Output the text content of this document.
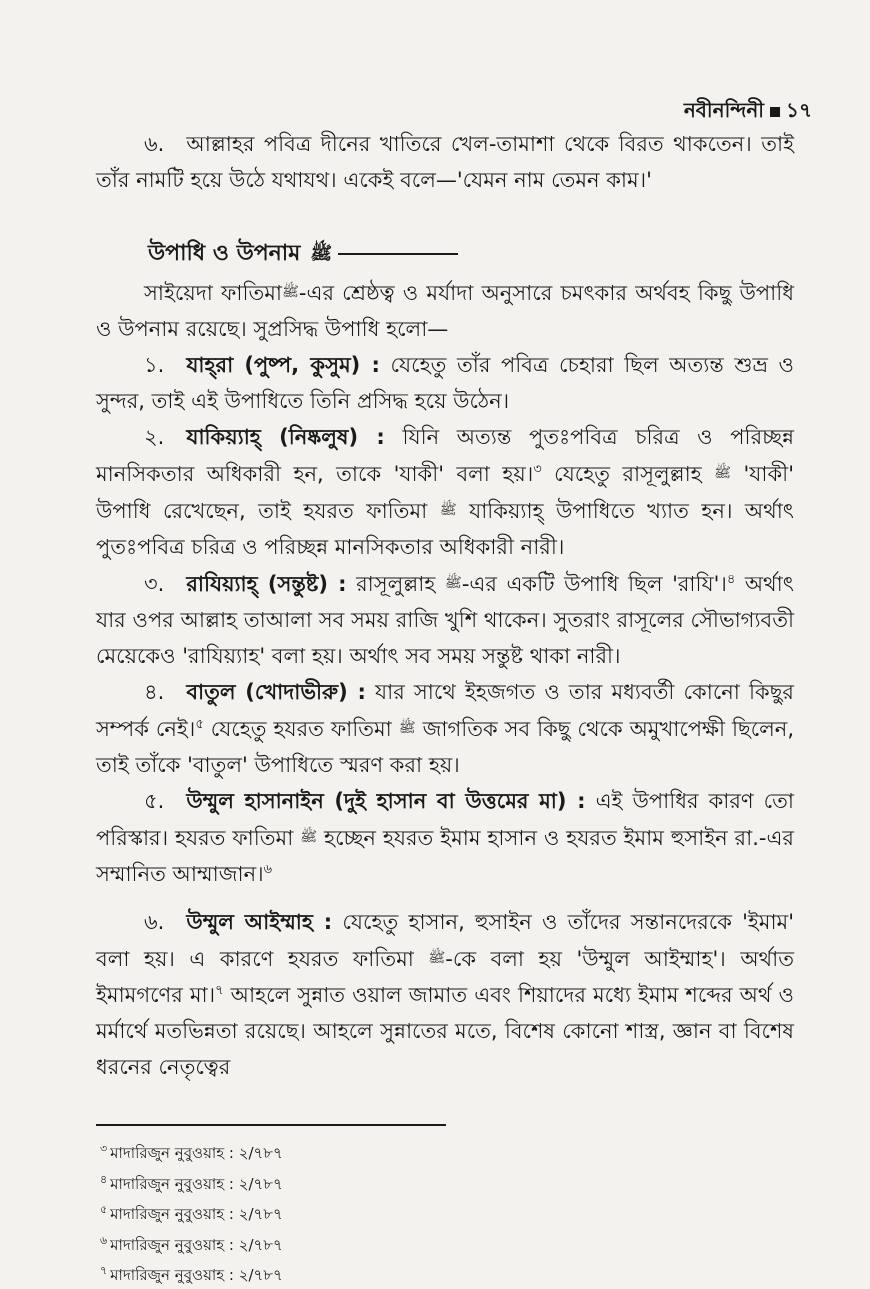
নবীনন্দিনী ১৭

৬. আল্লাহর পবিত্র দীনের খাতিরে খেল-তামাশা থেকে বিরত থাকতেন। তাই তাঁর নামটি হয়ে উঠে যথাযথ। একেই বলে—'যেমন নাম তেমন কাম।'

উপাধি ও উপনাম ﷺ

সাইয়েদা ফাতিমাﷺ-এর শ্রেষ্ঠত্ব ও মর্যাদা অনুসারে চমৎকার অর্থবহ কিছু উপাধি ও উপনাম রয়েছে। সুপ্রসিদ্ধ উপাধি হলো—

১. যাহ্‌রা (পুষ্প, কুসুম) : যেহেতু তাঁর পবিত্র চেহারা ছিল অত্যন্ত শুভ্র ও সুন্দর, তাই এই উপাধিতে তিনি প্রসিদ্ধ হয়ে উঠেন।

২. যাকিয়্যাহ্ (নিষ্কলুষ) : যিনি অত্যন্ত পুতঃপবিত্র চরিত্র ও পরিচ্ছন্ন মানসিকতার অধিকারী হন, তাকে 'যাকী' বলা হয়।$^৩$ যেহেতু রাসূলুল্লাহ ﷺ 'যাকী' উপাধি রেখেছেন, তাই হযরত ফাতিমা ﷺ যাকিয়্যাহ্ উপাধিতে খ্যাত হন। অর্থাৎ পুতঃপবিত্র চরিত্র ও পরিচ্ছন্ন মানসিকতার অধিকারী নারী।

৩. রাযিয়্যাহ্ (সন্তুষ্ট) : রাসূলুল্লাহ ﷺ-এর একটি উপাধি ছিল 'রাযি'।$^৪$ অর্থাৎ যার ওপর আল্লাহ তাআলা সব সময় রাজি খুশি থাকেন। সুতরাং রাসূলের সৌভাগ্যবতী মেয়েকেও 'রাযিয়্যাহ' বলা হয়। অর্থাৎ সব সময় সন্তুষ্ট থাকা নারী।

৪. বাতুল (খোদাভীরু) : যার সাথে ইহজগত ও তার মধ্যবর্তী কোনো কিছুর সম্পর্ক নেই।$^৫$ যেহেতু হযরত ফাতিমা ﷺ জাগতিক সব কিছু থেকে অমুখাপেক্ষী ছিলেন, তাই তাঁকে 'বাতুল' উপাধিতে স্মরণ করা হয়।

৫. উম্মুল হাসানাইন (দুই হাসান বা উত্তমের মা) : এই উপাধির কারণ তো পরিস্কার। হযরত ফাতিমা ﷺ হচ্ছেন হযরত ইমাম হাসান ও হযরত ইমাম হুসাইন রা.-এর সম্মানিত আম্মাজান।$^৬$

৬. উম্মুল আইম্মাহ : যেহেতু হাসান, হুসাইন ও তাঁদের সন্তানদেরকে 'ইমাম' বলা হয়। এ কারণে হযরত ফাতিমা ﷺ-কে বলা হয় 'উম্মুল আইম্মাহ'। অর্থাত ইমামগণের মা।$^৭$ আহলে সুন্নাত ওয়াল জামাত এবং শিয়াদের মধ্যে ইমাম শব্দের অর্থ ও মর্মার্থে মতভিন্নতা রয়েছে। আহলে সুন্নাতের মতে, বিশেষ কোনো শাস্ত্র, জ্ঞান বা বিশেষ ধরনের নেতৃত্বের

$^৩$ মাদারিজুন নুবুওয়াহ : ২/৭৮৭
$^৪$ মাদারিজুন নুবুওয়াহ : ২/৭৮৭
$^৫$ মাদারিজুন নুবুওয়াহ : ২/৭৮৭
$^৬$ মাদারিজুন নুবুওয়াহ : ২/৭৮৭
$^৭$ মাদারিজুন নুবুওয়াহ : ২/৭৮৭
